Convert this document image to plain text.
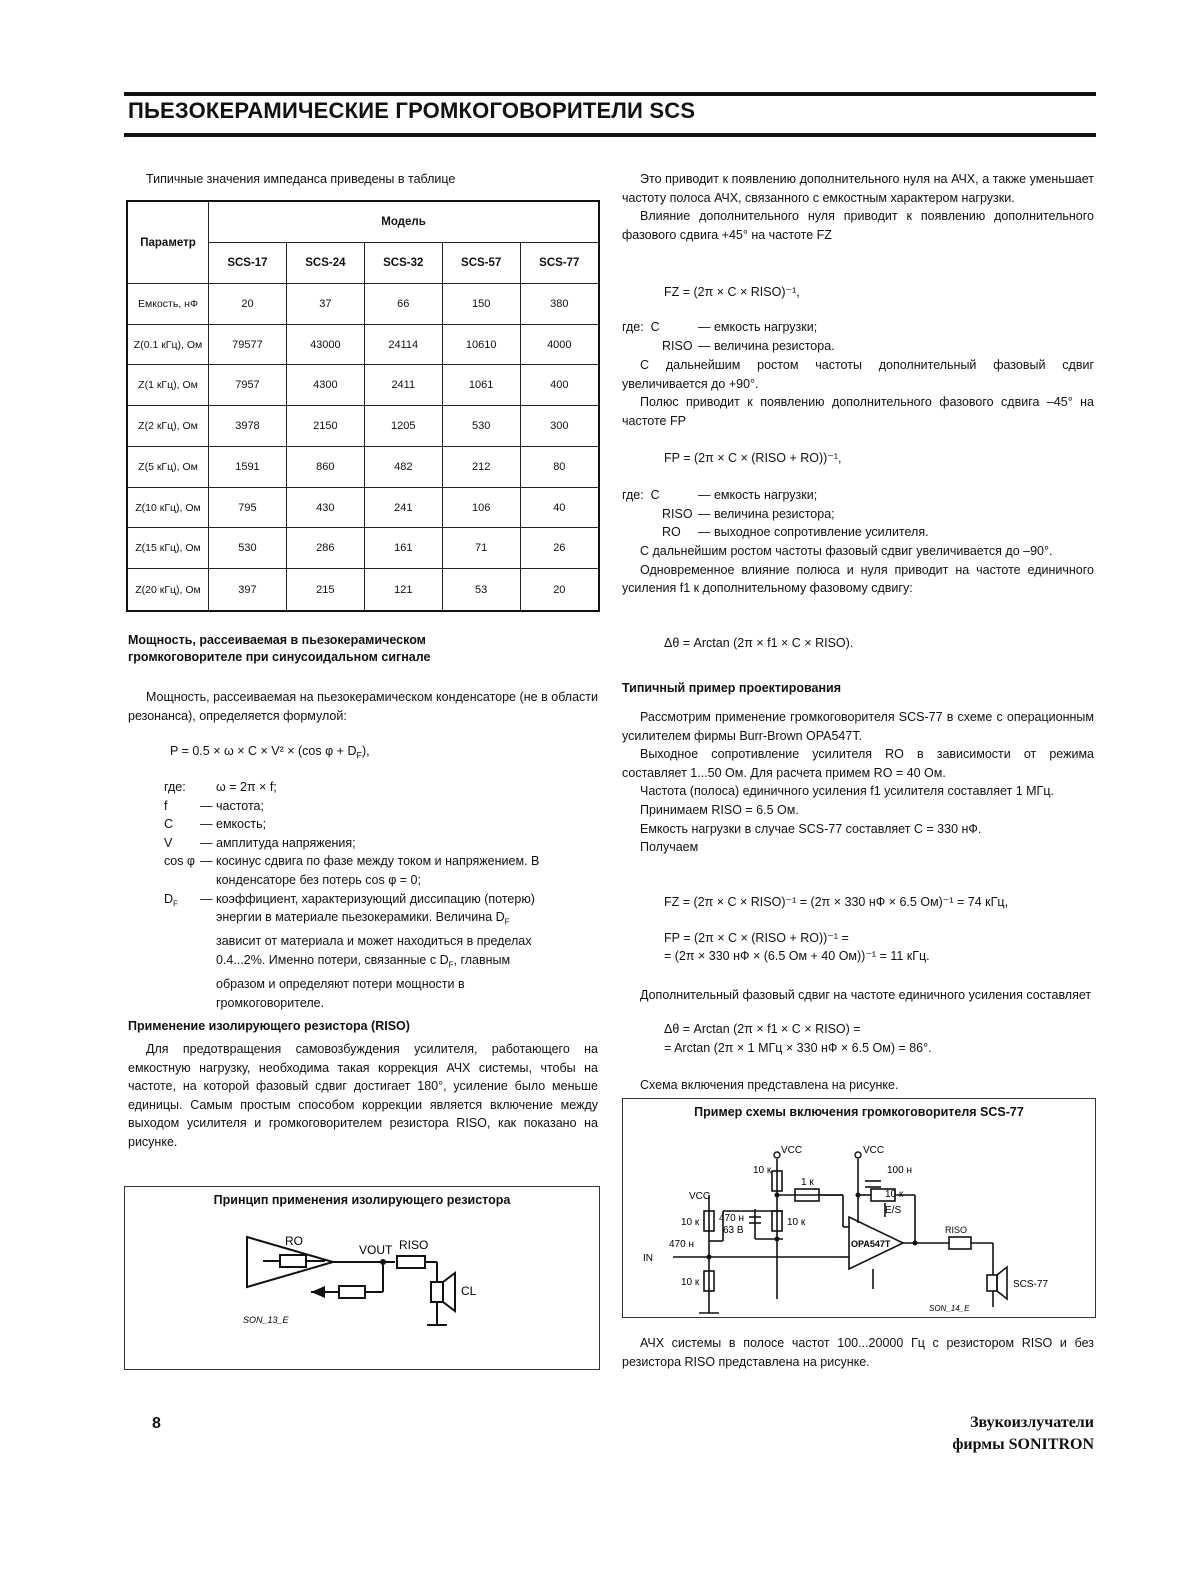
ПЬЕЗОКЕРАМИЧЕСКИЕ ГРОМКОГОВОРИТЕЛИ SCS
Типичные значения импеданса приведены в таблице
Параметр	Модель				
	SCS-17	SCS-24	SCS-32	SCS-57	SCS-77
Емкость, нФ	20	37	66	150	380
Z(0.1 кГц), Ом	79577	43000	24114	10610	4000
Z(1 кГц), Ом	7957	4300	2411	1061	400
Z(2 кГц), Ом	3978	2150	1205	530	300
Z(5 кГц), Ом	1591	860	482	212	80
Z(10 кГц), Ом	795	430	241	106	40
Z(15 кГц), Ом	530	286	161	71	26
Z(20 кГц), Ом	397	215	121	53	20
Мощность, рассеиваемая в пьезокерамическом
громкоговорителе при синусоидальном сигнале

Мощность, рассеиваемая на пьезокерамическом конденсаторе (не в области резонанса), определяется формулой:

P = 0.5 × ω × C × V² × (cos $\varphi + D_F$),
где:	ω = 2π × f;
f	— частота;
C	— емкость;
V	— амплитуда напряжения;
cos φ — косинус сдвига по фазе между током и напряжением. В конденсаторе без потерь cos φ = 0;
$D_F$	— коэффициент, характеризующий диссипацию (потерю) энергии в материале пьезокерамики. Величина $D_F$ зависит от материала и может находиться в пределах 0.4...2%. Именно потери, связанные с $D_F$, главным образом и определяют потери мощности в громкоговорителе.
Применение изолирующего резистора (RISO)

Для предотвращения самовозбуждения усилителя, работающего на емкостную нагрузку, необходима такая коррекция АЧХ системы, чтобы на частоте, на которой фазовый сдвиг достигает 180°, усиление было меньше единицы. Самым простым способом коррекции является включение между выходом усилителя и громкоговорителем резистора RISO, как показано на рисунке.

Принцип применения изолирующего резистора
RO
VOUT RISO
CL
SON_13_E

Это приводит к появлению дополнительного нуля на АЧХ, а также уменьшает частоту полоса АЧХ, связанного с емкостным характером нагрузки.

Влияние дополнительного нуля приводит к появлению дополнительного фазового сдвига +45° на частоте FZ

FZ = (2π × C × RISO)⁻¹,
где:  C	— емкость нагрузки;
RISO — величина резистора.

С дальнейшим ростом частоты дополнительный фазовый сдвиг увеличивается до +90°.

Полюс приводит к появлению дополнительного фазового сдвига –45° на частоте FP

FP = (2π × C × (RISO + RO))⁻¹,
где:  C	— емкость нагрузки;
RISO — величина резистора;
RO	— выходное сопротивление усилителя.

С дальнейшим ростом частоты фазовый сдвиг увеличивается до –90°.

Одновременное влияние полюса и нуля приводит на частоте единичного усиления f1 к дополнительному фазовому сдвигу:

Δθ = Arctan (2π × f1 × C × RISO).
Типичный пример проектирования

Рассмотрим применение громкоговорителя SCS-77 в схеме с операционным усилителем фирмы Burr-Brown OPA547T.

Выходное сопротивление усилителя RO в зависимости от режима составляет 1...50 Ом. Для расчета примем RO = 40 Ом.

Частота (полоса) единичного усиления f1 усилителя составляет 1 МГц.

Принимаем RISO = 6.5 Ом.

Емкость нагрузки в случае SCS-77 составляет C = 330 нФ.

Получаем

FZ = (2π × C × RISO)⁻¹ = (2π × 330 нФ × 6.5 Ом)⁻¹ = 74 кГц,
FP = (2π × C × (RISO + RO))⁻¹ =
= (2π × 330 нФ × (6.5 Ом + 40 Ом))⁻¹ = 11 кГц.

Дополнительный фазовый сдвиг на частоте единичного усиления составляет

Δθ = Arctan (2π × f1 × C × RISO) =
= Arctan (2π × 1 МГц × 330 нФ × 6.5 Ом) = 86°.
Схема включения представлена на рисунке.
Пример схемы включения громкоговорителя SCS-77
VCC	VCC
VCC
10 к
10 к	10 к
10 к
10 к
1 к
100 н
470 н
63 В
470 н
IN
E/S
OPA547T
RISO
SCS-77
SON_14_E

АЧХ системы в полосе частот 100...20000 Гц с резистором RISO и без резистора RISO представлена на рисунке.

8	Звукоизлучатели
фирмы SONITRON
